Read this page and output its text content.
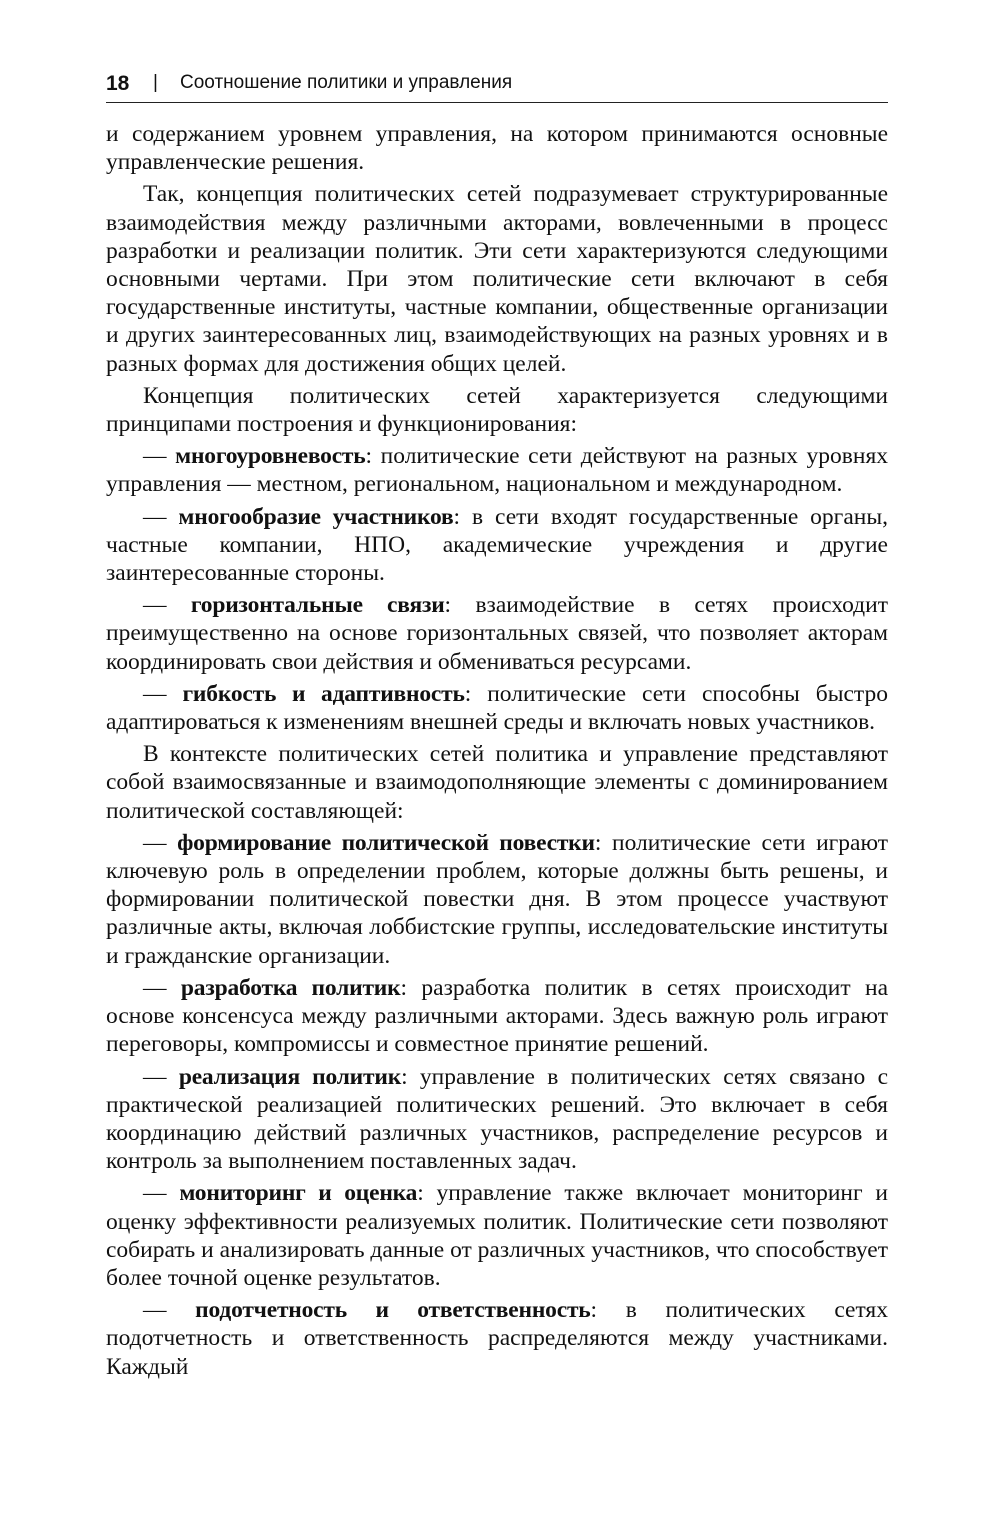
18 | Соотношение политики и управления

и содержанием уровнем управления, на котором принимаются основные управленческие решения.

Так, концепция политических сетей подразумевает структурированные взаимодействия между различными акторами, вовлеченными в процесс разработки и реализации политик. Эти сети характеризуются следующими основными чертами. При этом политические сети включают в себя государственные институты, частные компании, общественные организации и других заинтересованных лиц, взаимодействующих на разных уровнях и в разных формах для достижения общих целей.

Концепция политических сетей характеризуется следующими принципами построения и функционирования:

— многоуровневость: политические сети действуют на разных уровнях управления — местном, региональном, национальном и международном.

— многообразие участников: в сети входят государственные органы, частные компании, НПО, академические учреждения и другие заинтересованные стороны.

— горизонтальные связи: взаимодействие в сетях происходит преимущественно на основе горизонтальных связей, что позволяет акторам координировать свои действия и обмениваться ресурсами.

— гибкость и адаптивность: политические сети способны быстро адаптироваться к изменениям внешней среды и включать новых участников.

В контексте политических сетей политика и управление представляют собой взаимосвязанные и взаимодополняющие элементы с доминированием политической составляющей:

— формирование политической повестки: политические сети играют ключевую роль в определении проблем, которые должны быть решены, и формировании политической повестки дня. В этом процессе участвуют различные акты, включая лоббистские группы, исследовательские институты и гражданские организации.

— разработка политик: разработка политик в сетях происходит на основе консенсуса между различными акторами. Здесь важную роль играют переговоры, компромиссы и совместное принятие решений.

— реализация политик: управление в политических сетях связано с практической реализацией политических решений. Это включает в себя координацию действий различных участников, распределение ресурсов и контроль за выполнением поставленных задач.

— мониторинг и оценка: управление также включает мониторинг и оценку эффективности реализуемых политик. Политические сети позволяют собирать и анализировать данные от различных участников, что способствует более точной оценке результатов.

— подотчетность и ответственность: в политических сетях подотчетность и ответственность распределяются между участниками. Каждый
